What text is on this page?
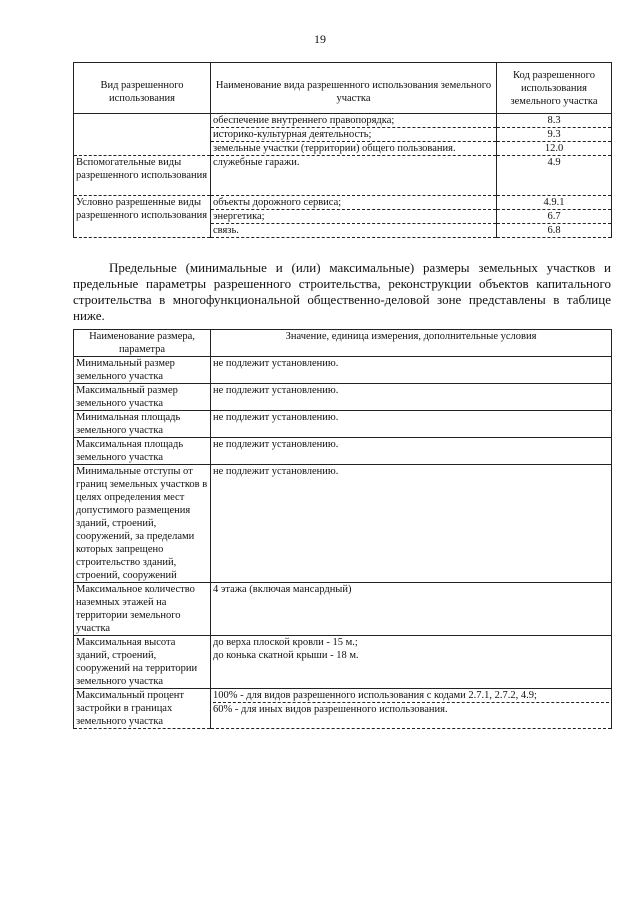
19
Вид разрешенного использования	Наименование вида разрешенного использования земельного участка	Код разрешенного использования земельного участка
	обеспечение внутреннего правопорядка;	8.3
	историко-культурная деятельность;	9.3
	земельные участки (территории) общего пользования.	12.0
Вспомогательные виды разрешенного использования	служебные гаражи.	4.9
Условно разрешенные виды разрешенного использования	объекты дорожного сервиса;	4.9.1
	энергетика;	6.7
	связь.	6.8
Предельные (минимальные и (или) максимальные) размеры земельных участков и предельные параметры разрешенного строительства, реконструкции объектов капитального строительства в многофункциональной общественно-деловой зоне представлены в таблице ниже.
Наименование размера, параметра	Значение, единица измерения, дополнительные условия
Минимальный размер земельного участка	не подлежит установлению.
Максимальный размер земельного участка	не подлежит установлению.
Минимальная площадь земельного участка	не подлежит установлению.
Максимальная площадь земельного участка	не подлежит установлению.
Минимальные отступы от границ земельных участков в целях определения мест допустимого размещения зданий, строений, сооружений, за пределами которых запрещено строительство зданий, строений, сооружений	не подлежит установлению.
Максимальное количество наземных этажей на территории земельного участка	4 этажа (включая мансардный)
Максимальная высота зданий, строений, сооружений на территории земельного участка	до верха плоской кровли - 15 м.;
до конька скатной крыши - 18 м.

Максимальный процент застройки в границах земельного участка	100% - для видов разрешенного использования с кодами 2.7.1, 2.7.2, 4.9;
60% - для иных видов разрешенного использования.
